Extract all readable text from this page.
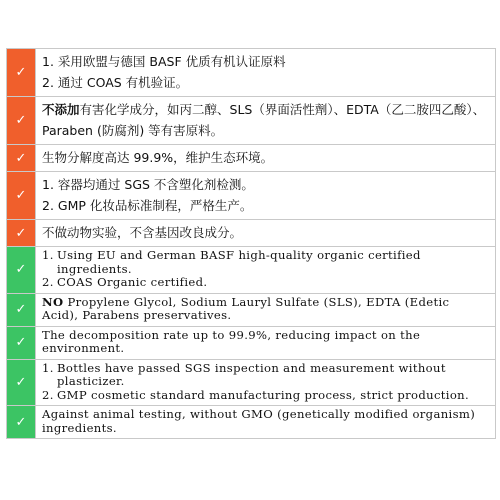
✓
1. 采用欧盟与德国 BASF 优质有机认证原料
2. 通过 COAS 有机验证。
✓
不添加有害化学成分，如丙二醇、SLS（界面活性劑）、EDTA（乙二胺四乙酸）、Paraben (防腐剂) 等有害原料。
✓	生物分解度高达 99.9%，维护生态环境。
✓
1. 容器均通过 SGS 不含塑化剂检测。
2. GMP 化妆品标准制程，严格生产。
✓	不做动物实验，不含基因改良成分。
✓
1. Using EU and German BASF high-quality organic certified ingredients.
2. COAS Organic certified.
✓
NO Propylene Glycol, Sodium Lauryl Sulfate (SLS), EDTA (Edetic Acid), Parabens preservatives.
✓
The decomposition rate up to 99.9%, reducing impact on the environment.
✓
1. Bottles have passed SGS inspection and measurement without plasticizer.
2. GMP cosmetic standard manufacturing process, strict production.
✓
Against animal testing, without GMO (genetically modified organism) ingredients.
